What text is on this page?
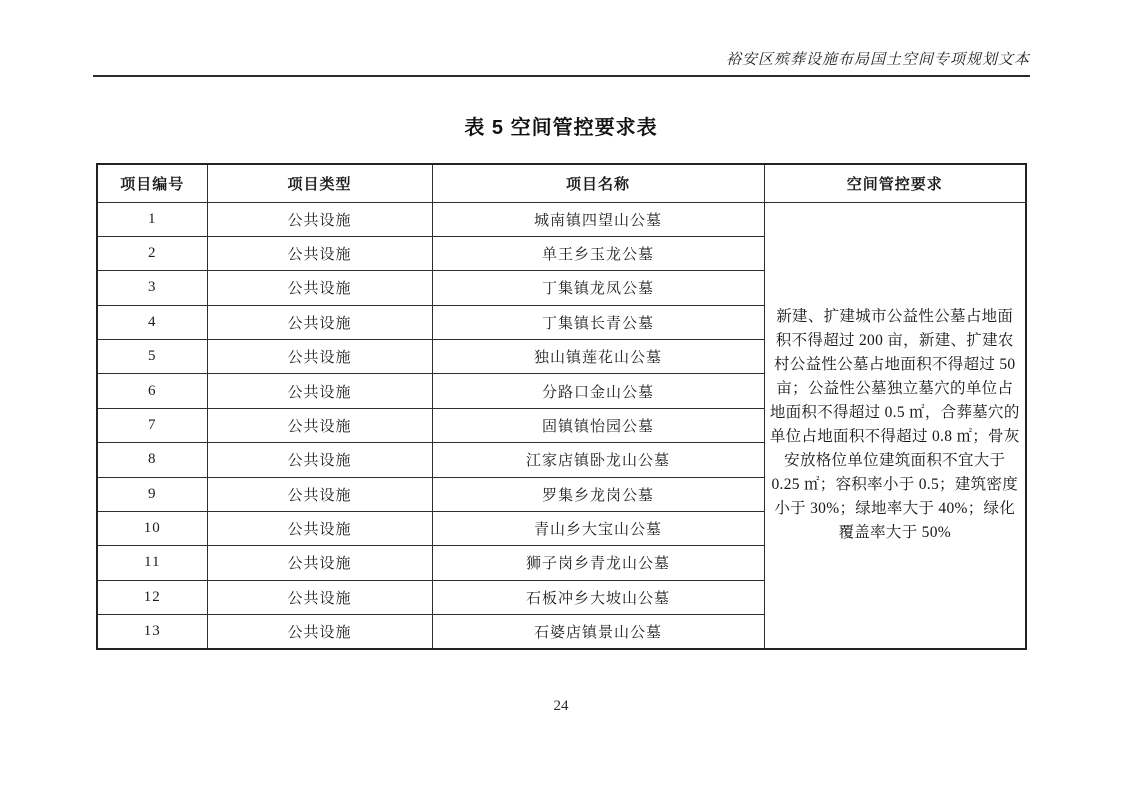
裕安区殡葬设施布局国土空间专项规划文本
表 5 空间管控要求表
项目编号	项目类型	项目名称	空间管控要求
1	公共设施	城南镇四望山公墓	新建、扩建城市公益性公墓占地面积不得超过 200 亩，新建、扩建农村公益性公墓占地面积不得超过 50 亩；公益性公墓独立墓穴的单位占地面积不得超过 0.5 ㎡，合葬墓穴的单位占地面积不得超过 0.8 ㎡；骨灰安放格位单位建筑面积不宜大于 0.25 ㎡；容积率小于 0.5；建筑密度小于 30%；绿地率大于 40%；绿化覆盖率大于 50%

2	公共设施	单王乡玉龙公墓	
3	公共设施	丁集镇龙凤公墓	
4	公共设施	丁集镇长青公墓	
5	公共设施	独山镇莲花山公墓	
6	公共设施	分路口金山公墓	
7	公共设施	固镇镇怡园公墓	
8	公共设施	江家店镇卧龙山公墓	
9	公共设施	罗集乡龙岗公墓	
10	公共设施	青山乡大宝山公墓	
11	公共设施	狮子岗乡青龙山公墓	
12	公共设施	石板冲乡大坡山公墓	
13	公共设施	石婆店镇景山公墓	
24
